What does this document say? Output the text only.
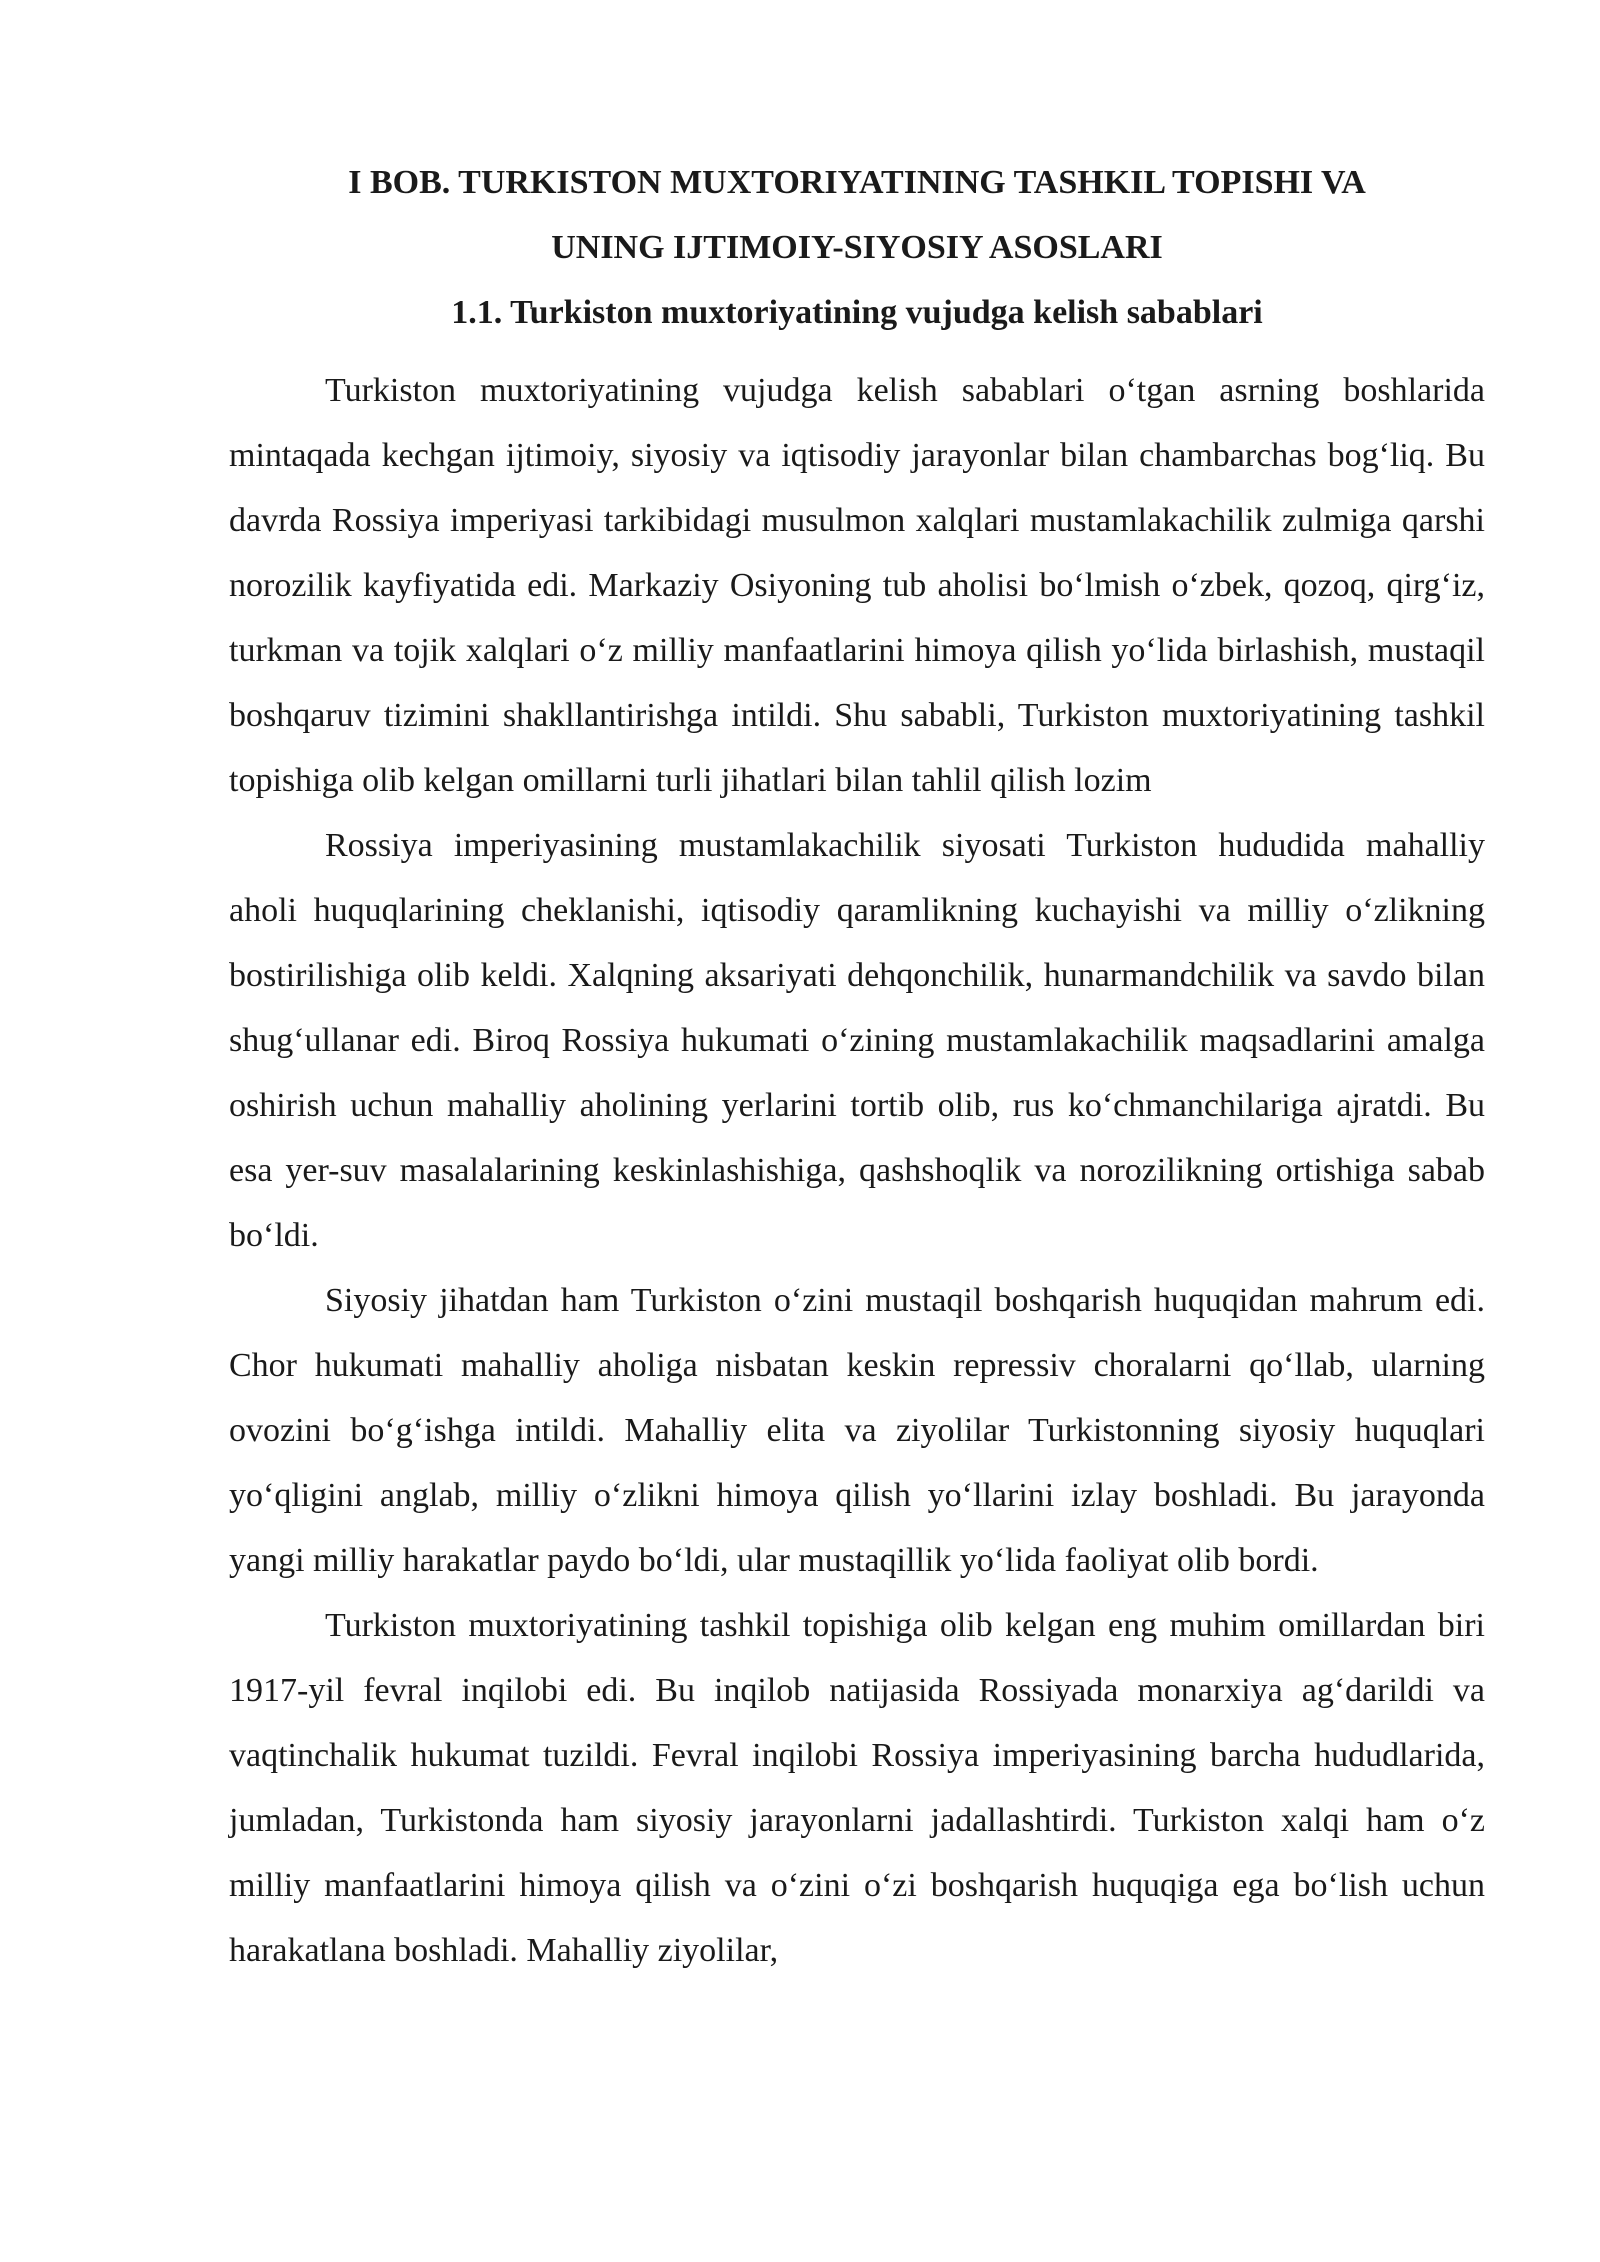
I BOB. TURKISTON MUXTORIYATINING TASHKIL TOPISHI VA
UNING IJTIMOIY-SIYOSIY ASOSLARI

1.1. Turkiston muxtoriyatining vujudga kelish sabablari

Turkiston muxtoriyatining vujudga kelish sabablari o‘tgan asrning boshlarida mintaqada kechgan ijtimoiy, siyosiy va iqtisodiy jarayonlar bilan chambarchas bog‘liq. Bu davrda Rossiya imperiyasi tarkibidagi musulmon xalqlari mustamlakachilik zulmiga qarshi norozilik kayfiyatida edi. Markaziy Osiyoning tub aholisi bo‘lmish o‘zbek, qozoq, qirg‘iz, turkman va tojik xalqlari o‘z milliy manfaatlarini himoya qilish yo‘lida birlashish, mustaqil boshqaruv tizimini shakllantirishga intildi. Shu sababli, Turkiston muxtoriyatining tashkil topishiga olib kelgan omillarni turli jihatlari bilan tahlil qilish lozim

Rossiya imperiyasining mustamlakachilik siyosati Turkiston hududida mahalliy aholi huquqlarining cheklanishi, iqtisodiy qaramlikning kuchayishi va milliy o‘zlikning bostirilishiga olib keldi. Xalqning aksariyati dehqonchilik, hunarmandchilik va savdo bilan shug‘ullanar edi. Biroq Rossiya hukumati o‘zining mustamlakachilik maqsadlarini amalga oshirish uchun mahalliy aholining yerlarini tortib olib, rus ko‘chmanchilariga ajratdi. Bu esa yer-suv masalalarining keskinlashishiga, qashshoqlik va norozilikning ortishiga sabab bo‘ldi.

Siyosiy jihatdan ham Turkiston o‘zini mustaqil boshqarish huquqidan mahrum edi. Chor hukumati mahalliy aholiga nisbatan keskin repressiv choralarni qo‘llab, ularning ovozini bo‘g‘ishga intildi. Mahalliy elita va ziyolilar Turkistonning siyosiy huquqlari yo‘qligini anglab, milliy o‘zlikni himoya qilish yo‘llarini izlay boshladi. Bu jarayonda yangi milliy harakatlar paydo bo‘ldi, ular mustaqillik yo‘lida faoliyat olib bordi.

Turkiston muxtoriyatining tashkil topishiga olib kelgan eng muhim omillardan biri 1917-yil fevral inqilobi edi. Bu inqilob natijasida Rossiyada monarxiya ag‘darildi va vaqtinchalik hukumat tuzildi. Fevral inqilobi Rossiya imperiyasining barcha hududlarida, jumladan, Turkistonda ham siyosiy jarayonlarni jadallashtirdi. Turkiston xalqi ham o‘z milliy manfaatlarini himoya qilish va o‘zini o‘zi boshqarish huquqiga ega bo‘lish uchun harakatlana boshladi. Mahalliy ziyolilar,
